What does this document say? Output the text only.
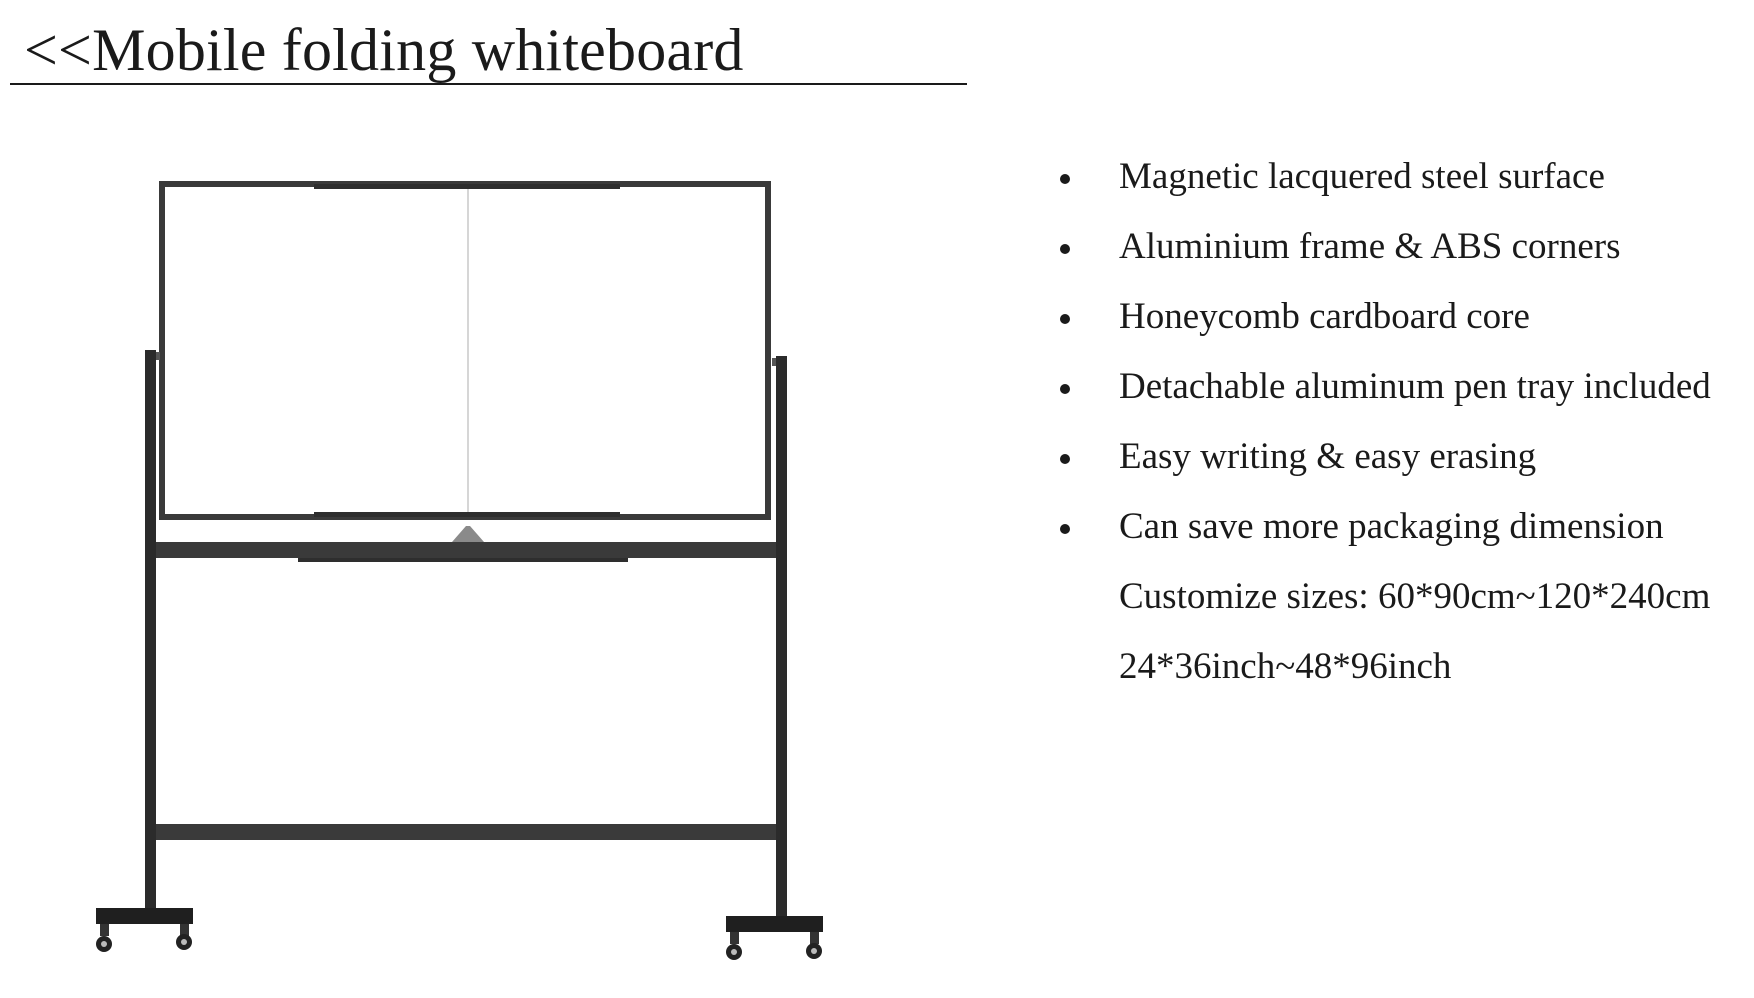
<<Mobile folding whiteboard
Magnetic lacquered steel surface
Aluminium frame & ABS corners
Honeycomb cardboard core
Detachable aluminum pen tray included
Easy writing & easy erasing
Can save more packaging dimension
Customize sizes: 60*90cm~120*240cm
24*36inch~48*96inch
